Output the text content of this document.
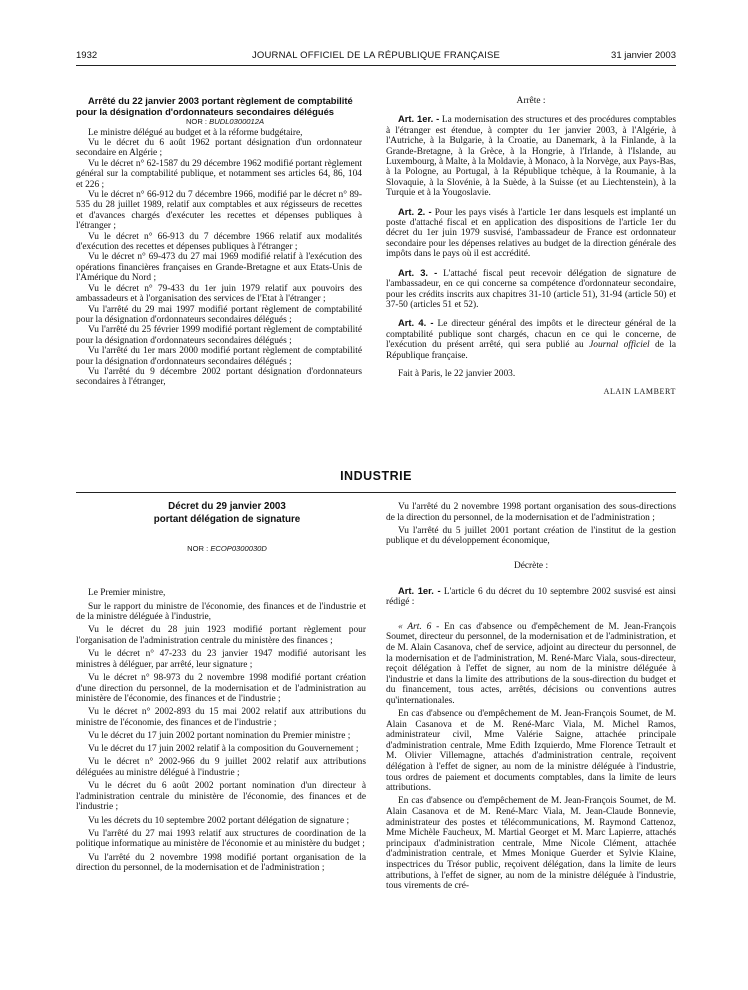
1932	JOURNAL OFFICIEL DE LA RÉPUBLIQUE FRANÇAISE	31 janvier 2003

Arrêté du 22 janvier 2003 portant règlement de comptabilité pour la désignation d'ordonnateurs secondaires délégués

NOR : BUDL0300012A

Le ministre délégué au budget et à la réforme budgétaire,

Vu le décret du 6 août 1962 portant désignation d'un ordonnateur secondaire en Algérie ;

Vu le décret n° 62-1587 du 29 décembre 1962 modifié portant règlement général sur la comptabilité publique, et notamment ses articles 64, 86, 104 et 226 ;

Vu le décret n° 66-912 du 7 décembre 1966, modifié par le décret n° 89-535 du 28 juillet 1989, relatif aux comptables et aux régisseurs de recettes et d'avances chargés d'exécuter les recettes et dépenses publiques à l'étranger ;

Vu le décret n° 66-913 du 7 décembre 1966 relatif aux modalités d'exécution des recettes et dépenses publiques à l'étranger ;

Vu le décret n° 69-473 du 27 mai 1969 modifié relatif à l'exécution des opérations financières françaises en Grande-Bretagne et aux Etats-Unis de l'Amérique du Nord ;

Vu le décret n° 79-433 du 1er juin 1979 relatif aux pouvoirs des ambassadeurs et à l'organisation des services de l'Etat à l'étranger ;

Vu l'arrêté du 29 mai 1997 modifié portant règlement de comptabilité pour la désignation d'ordonnateurs secondaires délégués ;

Vu l'arrêté du 25 février 1999 modifié portant règlement de comptabilité pour la désignation d'ordonnateurs secondaires délégués ;

Vu l'arrêté du 1er mars 2000 modifié portant règlement de comptabilité pour la désignation d'ordonnateurs secondaires délégués ;

Vu l'arrêté du 9 décembre 2002 portant désignation d'ordonnateurs secondaires à l'étranger,

Arrête :

Art. 1er. - La modernisation des structures et des procédures comptables à l'étranger est étendue, à compter du 1er janvier 2003, à l'Algérie, à l'Autriche, à la Bulgarie, à la Croatie, au Danemark, à la Finlande, à la Grande-Bretagne, à la Grèce, à la Hongrie, à l'Irlande, à l'Islande, au Luxembourg, à Malte, à la Moldavie, à Monaco, à la Norvège, aux Pays-Bas, à la Pologne, au Portugal, à la République tchèque, à la Roumanie, à la Slovaquie, à la Slovénie, à la Suède, à la Suisse (et au Liechtenstein), à la Turquie et à la Yougoslavie.

Art. 2. - Pour les pays visés à l'article 1er dans lesquels est implanté un poste d'attaché fiscal et en application des dispositions de l'article 1er du décret du 1er juin 1979 susvisé, l'ambassadeur de France est ordonnateur secondaire pour les dépenses relatives au budget de la direction générale des impôts dans le pays où il est accrédité.

Art. 3. - L'attaché fiscal peut recevoir délégation de signature de l'ambassadeur, en ce qui concerne sa compétence d'ordonnateur secondaire, pour les crédits inscrits aux chapitres 31-10 (article 51), 31-94 (article 50) et 37-50 (articles 51 et 52).

Art. 4. - Le directeur général des impôts et le directeur général de la comptabilité publique sont chargés, chacun en ce qui le concerne, de l'exécution du présent arrêté, qui sera publié au Journal officiel de la République française.

Fait à Paris, le 22 janvier 2003.

ALAIN LAMBERT

INDUSTRIE

Décret du 29 janvier 2003

portant délégation de signature

NOR : ECOP0300030D

Le Premier ministre,

Sur le rapport du ministre de l'économie, des finances et de l'industrie et de la ministre déléguée à l'industrie,

Vu le décret du 28 juin 1923 modifié portant règlement pour l'organisation de l'administration centrale du ministère des finances ;

Vu le décret n° 47-233 du 23 janvier 1947 modifié autorisant les ministres à déléguer, par arrêté, leur signature ;

Vu le décret n° 98-973 du 2 novembre 1998 modifié portant création d'une direction du personnel, de la modernisation et de l'administration au ministère de l'économie, des finances et de l'industrie ;

Vu le décret n° 2002-893 du 15 mai 2002 relatif aux attributions du ministre de l'économie, des finances et de l'industrie ;

Vu le décret du 17 juin 2002 portant nomination du Premier ministre ;

Vu le décret du 17 juin 2002 relatif à la composition du Gouvernement ;

Vu le décret n° 2002-966 du 9 juillet 2002 relatif aux attributions déléguées au ministre délégué à l'industrie ;

Vu le décret du 6 août 2002 portant nomination d'un directeur à l'administration centrale du ministère de l'économie, des finances et de l'industrie ;

Vu les décrets du 10 septembre 2002 portant délégation de signature ;

Vu l'arrêté du 27 mai 1993 relatif aux structures de coordination de la politique informatique au ministère de l'économie et au ministère du budget ;

Vu l'arrêté du 2 novembre 1998 modifié portant organisation de la direction du personnel, de la modernisation et de l'administration ;

Vu l'arrêté du 2 novembre 1998 portant organisation des sous-directions de la direction du personnel, de la modernisation et de l'administration ;

Vu l'arrêté du 5 juillet 2001 portant création de l'institut de la gestion publique et du développement économique,

Décrète :

Art. 1er. - L'article 6 du décret du 10 septembre 2002 susvisé est ainsi rédigé :

« Art. 6 - En cas d'absence ou d'empêchement de M. Jean-François Soumet, directeur du personnel, de la modernisation et de l'administration, et de M. Alain Casanova, chef de service, adjoint au directeur du personnel, de la modernisation et de l'administration, M. René-Marc Viala, sous-directeur, reçoit délégation à l'effet de signer, au nom de la ministre déléguée à l'industrie et dans la limite des attributions de la sous-direction du budget et du financement, tous actes, arrêtés, décisions ou conventions autres qu'internationales.

En cas d'absence ou d'empêchement de M. Jean-François Soumet, de M. Alain Casanova et de M. René-Marc Viala, M. Michel Ramos, administrateur civil, Mme Valérie Saigne, attachée principale d'administration centrale, Mme Edith Izquierdo, Mme Florence Tetrault et M. Olivier Villemagne, attachés d'administration centrale, reçoivent délégation à l'effet de signer, au nom de la ministre déléguée à l'industrie, tous ordres de paiement et documents comptables, dans la limite de leurs attributions.

En cas d'absence ou d'empêchement de M. Jean-François Soumet, de M. Alain Casanova et de M. René-Marc Viala, M. Jean-Claude Bonnevie, administrateur des postes et télécommunications, M. Raymond Cattenoz, Mme Michèle Faucheux, M. Martial Georget et M. Marc Lapierre, attachés principaux d'administration centrale, Mme Nicole Clément, attachée d'administration centrale, et Mmes Monique Guerder et Sylvie Klaine, inspectrices du Trésor public, reçoivent délégation, dans la limite de leurs attributions, à l'effet de signer, au nom de la ministre déléguée à l'industrie, tous virements de cré-
